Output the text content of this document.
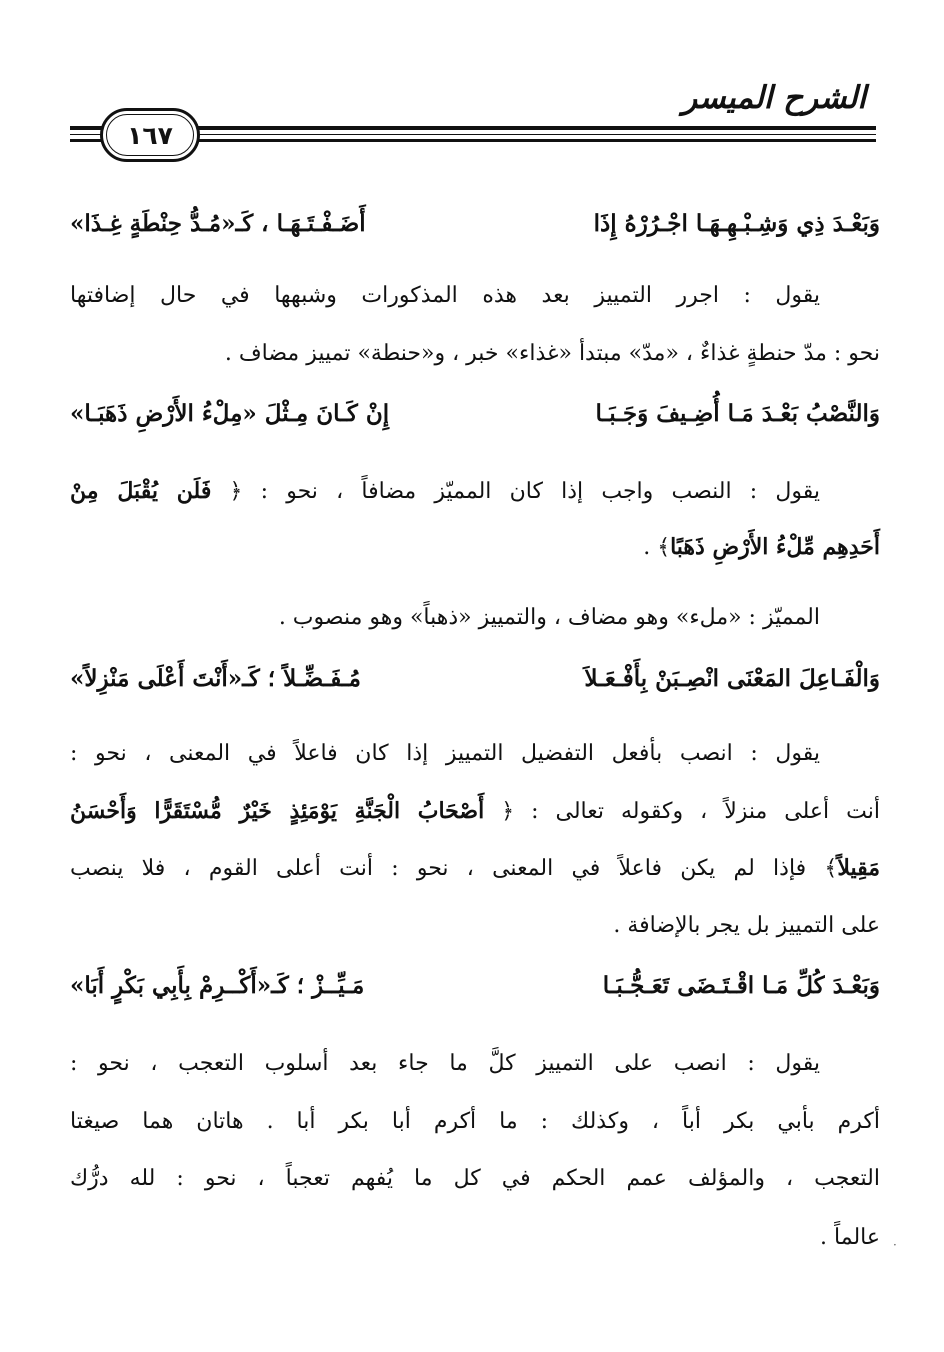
الشرح الميسر
١٦٧
وَبَعْـدَ ذِي وَشِـبْـهِـهَـا اجْـرُرْهُ إِذَا
أَضَـفْـتَـهَـا ، كَـ«مُـدُّ حِنْطَةٍ غِـذَا»
يقول : اجرر التمييز بعد هذه المذكورات وشبهها في حال إضافتها
نحو : مدّ حنطةٍ غذاءٌ ، «مدّ» مبتدأ «غذاء» خبر ، و«حنطة» تمييز مضاف .
وَالنَّصْبُ بَعْـدَ مَـا أُضِـيفَ وَجَـبَـا
إِنْ كَـانَ مِـثْلَ «مِلْءُ الأَرْضِ ذَهَبَـا»
يقول : النصب واجب إذا كان المميّز مضافاً ، نحو : ﴿ فَلَن يُقْبَلَ مِنْ
أَحَدِهِم مِّلْءُ الأَرْضِ ذَهَبًا﴾ .
المميّز : «ملء» وهو مضاف ، والتمييز «ذهباً» وهو منصوب .
وَالْفَـاعِلَ المَعْنَى انْصِـبَنْ بِأَفْـعَـلاَ
مُـفَـضِّـلاً ؛ كَـ«أَنْتَ أَعْلَى مَنْزِلاً»
يقول : انصب بأفعل التفضيل التمييز إذا كان فاعلاً في المعنى ، نحو :
أنت أعلى منزلاً ، وكقوله تعالى : ﴿ أَصْحَابُ الْجَنَّةِ يَوْمَئِذٍ خَيْرٌ مُّسْتَقَرًّا وَأَحْسَنُ
مَقِيلاً﴾ فإذا لم يكن فاعلاً في المعنى ، نحو : أنت أعلى القوم ، فلا ينصب
على التمييز بل يجر بالإضافة .
وَبَعْـدَ كُلِّ مَـا اقْـتَـضَى تَعَـجُّـبَـا
مَـيِّــزْ ؛ كَـ«أَكْــرِمْ بِأَبِي بَكْرٍ أَبَا»
يقول : انصب على التمييز كلَّ ما جاء بعد أسلوب التعجب ، نحو :
أكرم بأبي بكر أباً ، وكذلك : ما أكرم أبا بكر أبا . هاتان هما صيغتا
التعجب ، والمؤلف عمم الحكم في كل ما يُفهم تعجباً ، نحو : لله درُّك
عالماً . ·
